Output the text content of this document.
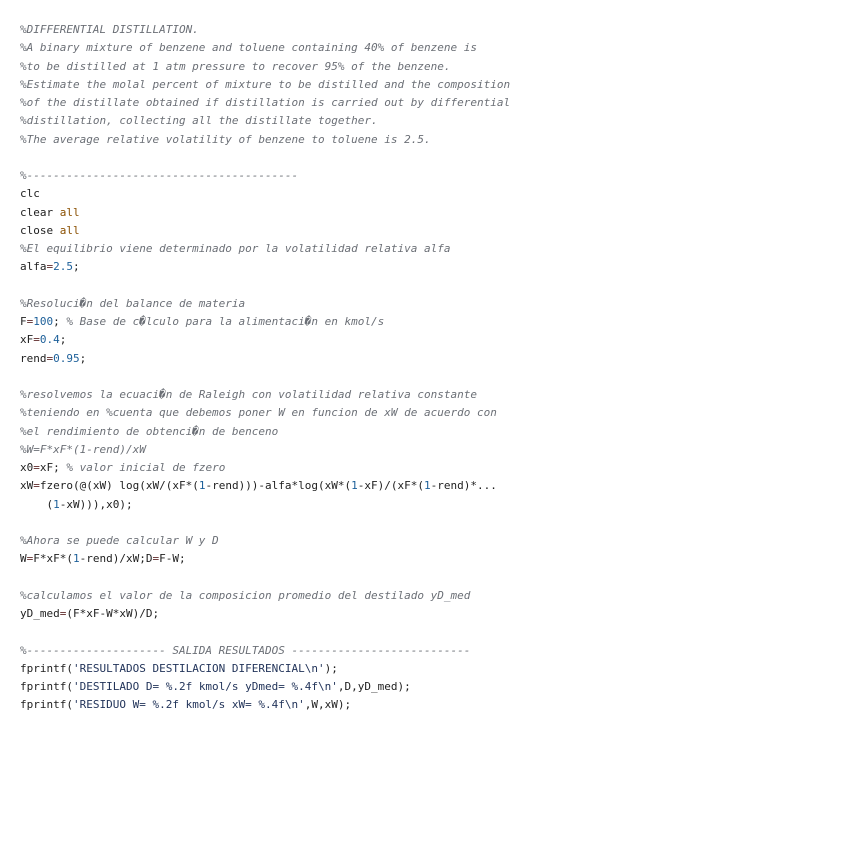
%DIFFERENTIAL DISTILLATION.
%A binary mixture of benzene and toluene containing 40% of benzene is
%to be distilled at 1 atm pressure to recover 95% of the benzene.
%Estimate the molal percent of mixture to be distilled and the composition
%of the distillate obtained if distillation is carried out by differential
%distillation, collecting all the distillate together.
%The average relative volatility of benzene to toluene is 2.5.
%-----------------------------------------
clc
clear all
close all
%El equilibrio viene determinado por la volatilidad relativa alfa
alfa=2.5;
%Resoluci�n del balance de materia
F=100; % Base de c�lculo para la alimentaci�n en kmol/s
xF=0.4;
rend=0.95;
%resolvemos la ecuaci�n de Raleigh con volatilidad relativa constante
%teniendo en %cuenta que debemos poner W en funcion de xW de acuerdo con
%el rendimiento de obtenci�n de benceno
%W=F*xF*(1-rend)/xW
x0=xF; % valor inicial de fzero
xW=fzero(@(xW) log(xW/(xF*(1-rend)))-alfa*log(xW*(1-xF)/(xF*(1-rend)*...
(1-xW))),x0);
%Ahora se puede calcular W y D
W=F*xF*(1-rend)/xW;D=F-W;
%calculamos el valor de la composicion promedio del destilado yD_med
yD_med=(F*xF-W*xW)/D;
%--------------------- SALIDA RESULTADOS ---------------------------
fprintf('RESULTADOS DESTILACION DIFERENCIAL\n');
fprintf('DESTILADO D= %.2f kmol/s yDmed= %.4f\n',D,yD_med);
fprintf('RESIDUO W= %.2f kmol/s xW= %.4f\n',W,xW);
